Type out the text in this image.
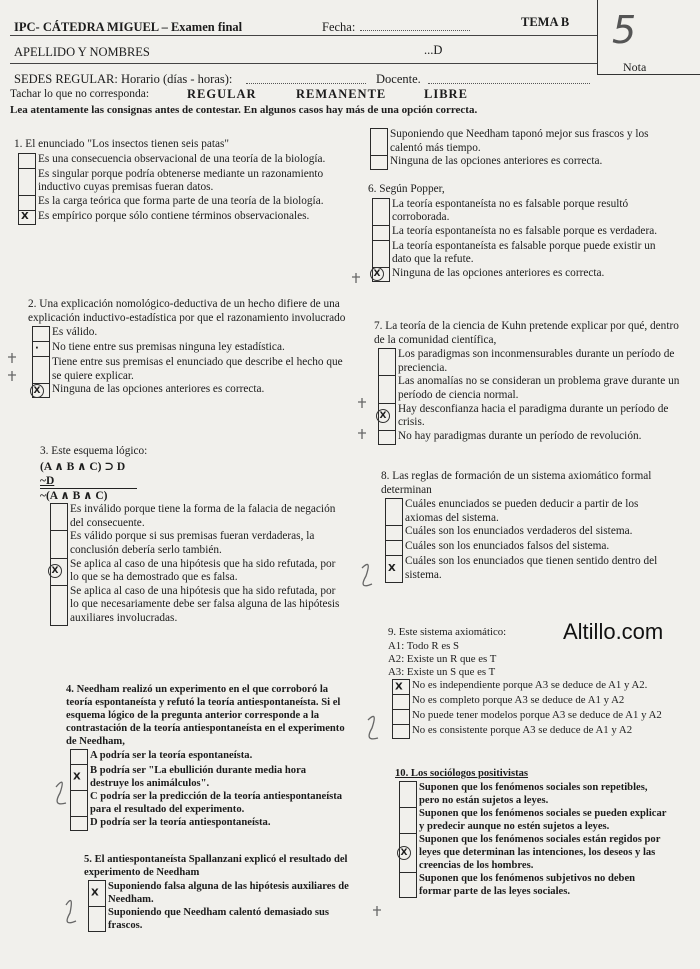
IPC- CÁTEDRA MIGUEL – Examen final	Fecha:	TEMA B
APELLIDO Y NOMBRES	...D
SEDES REGULAR: Horario (días - horas):	Docente.
5
Nota
Tachar lo que no corresponda:	REGULAR	REMANENTE	LIBRE
Lea atentamente las consignas antes de contestar. En algunos casos hay más de una opción correcta.
1. El enunciado "Los insectos tienen seis patas"
Es una consecuencia observacional de una teoría de la biología.
Es singular porque podría obtenerse mediante un razonamiento inductivo cuyas premisas fueran datos.
Es la carga teórica que forma parte de una teoría de la biología.
X Es empírico porque sólo contiene términos observacionales.
2. Una explicación nomológico-deductiva de un hecho difiere de una explicación inductivo-estadística por que el razonamiento involucrado
Es válido.
· No tiene entre sus premisas ninguna ley estadística.
Tiene entre sus premisas el enunciado que describe el hecho que se quiere explicar.
X	Ninguna de las opciones anteriores es correcta.
3. Este esquema lógico:
(A ∧ B ∧ C) ⊃ D
~D
~(A ∧ B ∧ C)
Es inválido porque tiene la forma de la falacia de negación del consecuente.
Es válido porque si sus premisas fueran verdaderas, la conclusión debería serlo también.
X
Se aplica al caso de una hipótesis que ha sido refutada, por lo que se ha demostrado que es falsa.
Se aplica al caso de una hipótesis que ha sido refutada, por lo que necesariamente debe ser falsa alguna de las hipótesis auxiliares involucradas.
4. Needham realizó un experimento en el que corroboró la teoría espontaneísta y refutó la teoría antiespontaneísta. Si el esquema lógico de la pregunta anterior corresponde a la contrastación de la teoría antiespontaneísta en el experimento de Needham,
A podría ser la teoría espontaneísta.
X
B podría ser "La ebullición durante media hora destruye los animálculos".
C podría ser la predicción de la teoría antiespontaneísta para el resultado del experimento.
D podría ser la teoría antiespontaneísta.
5. El antiespontaneísta Spallanzani explicó el resultado del experimento de Needham
X
Suponiendo falsa alguna de las hipótesis auxiliares de Needham.
Suponiendo que Needham calentó demasiado sus frascos.
Suponiendo que Needham taponó mejor sus frascos y los calentó más tiempo.
Ninguna de las opciones anteriores es correcta.
6. Según Popper,
La teoría espontaneísta no es falsable porque resultó corroborada.
La teoría espontaneísta no es falsable porque es verdadera.
La teoría espontaneísta es falsable porque puede existir un dato que la refute.
X	Ninguna de las opciones anteriores es correcta.
7. La teoría de la ciencia de Kuhn pretende explicar por qué, dentro de la comunidad científica,
Los paradigmas son inconmensurables durante un período de preciencia.
Las anomalías no se consideran un problema grave durante un período de ciencia normal.
X
Hay desconfianza hacia el paradigma durante un período de crisis.
No hay paradigmas durante un período de revolución.
8. Las reglas de formación de un sistema axiomático formal determinan
Cuáles enunciados se pueden deducir a partir de los axiomas del sistema.
Cuáles son los enunciados verdaderos del sistema.
Cuáles son los enunciados falsos del sistema.
X
Cuáles son los enunciados que tienen sentido dentro del sistema.
Altillo.com
9. Este sistema axiomático:
A1: Todo R es S
A2: Existe un R que es T
A3: Existe un S que es T
X No es independiente porque A3 se deduce de A1 y A2.
No es completo porque A3 se deduce de A1 y A2
No puede tener modelos porque A3 se deduce de A1 y A2
No es consistente porque A3 se deduce de A1 y A2
10. Los sociólogos positivistas
Suponen que los fenómenos sociales son repetibles, pero no están sujetos a leyes.
Suponen que los fenómenos sociales se pueden explicar y predecir aunque no estén sujetos a leyes.
X
Suponen que los fenómenos sociales están regidos por leyes que determinan las intenciones, los deseos y las creencias de los hombres.
Suponen que los fenómenos subjetivos no deben formar parte de las leyes sociales.
